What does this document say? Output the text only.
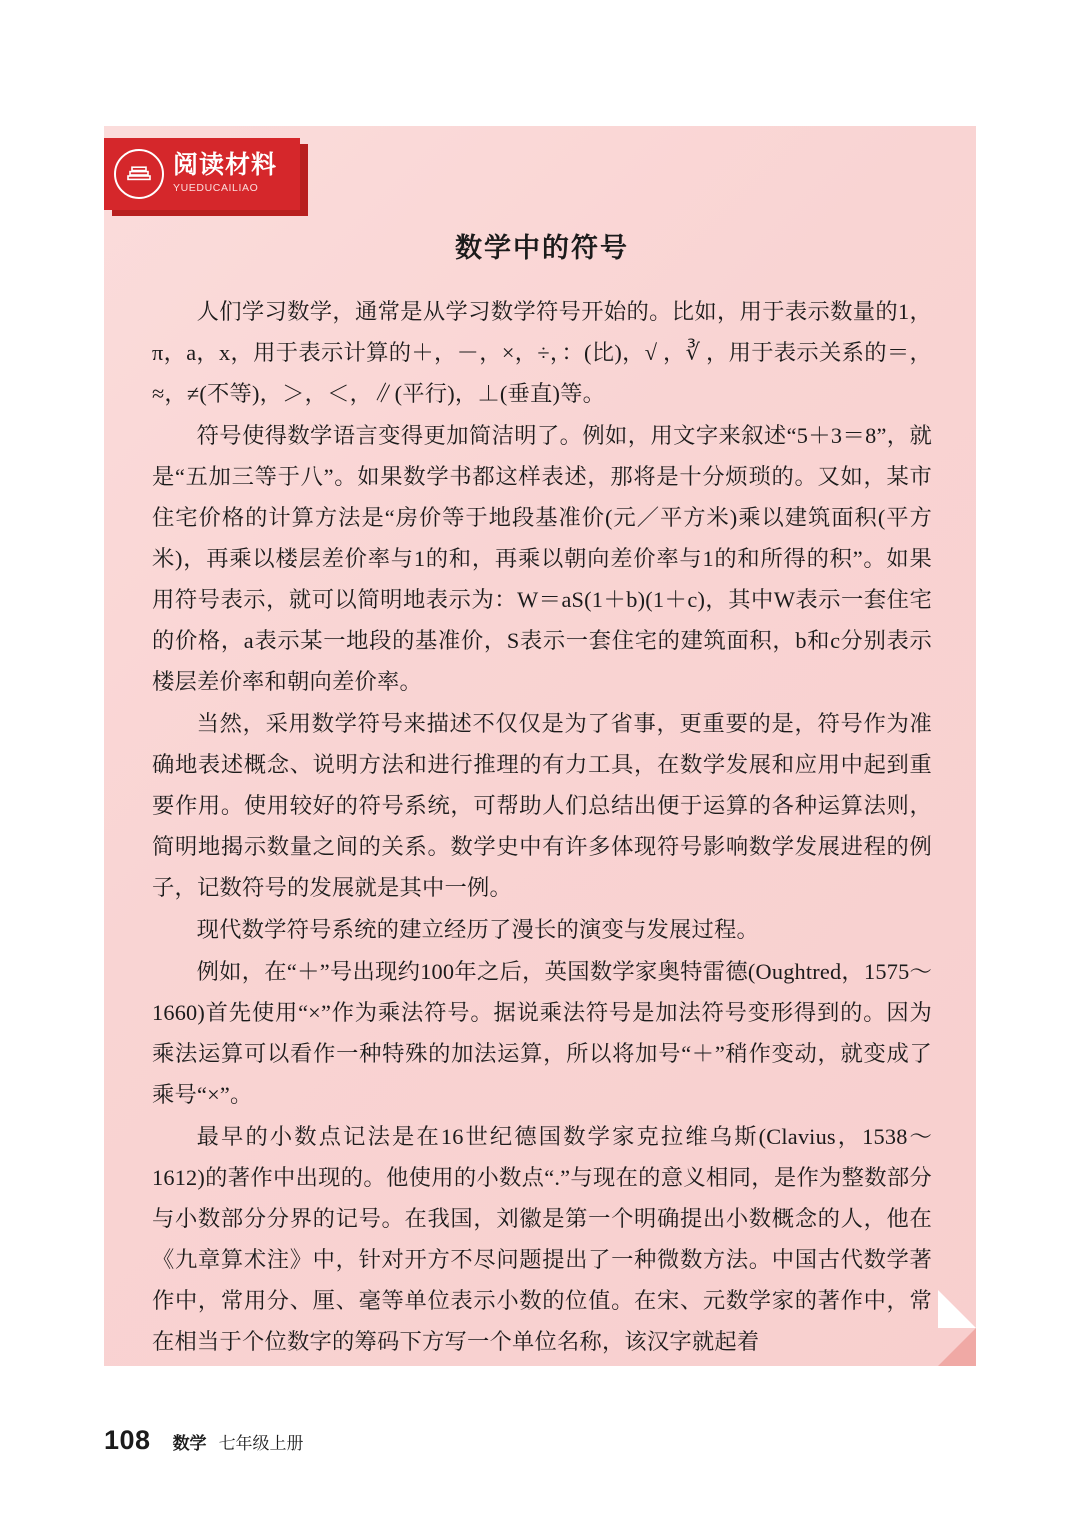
阅读材料
YUEDUCAILIAO
数学中的符号

人们学习数学，通常是从学习数学符号开始的。比如，用于表示数量的1，π，a，x，用于表示计算的＋，－，×，÷，：(比)，√ ，∛ ，用于表示关系的＝，≈，≠(不等)，＞，＜，∥(平行)，⊥(垂直)等。

符号使得数学语言变得更加简洁明了。例如，用文字来叙述“5＋3＝8”，就是“五加三等于八”。如果数学书都这样表述，那将是十分烦琐的。又如，某市住宅价格的计算方法是“房价等于地段基准价(元／平方米)乘以建筑面积(平方米)，再乘以楼层差价率与1的和，再乘以朝向差价率与1的和所得的积”。如果用符号表示，就可以简明地表示为：W＝aS(1＋b)(1＋c)，其中W表示一套住宅的价格，a表示某一地段的基准价，S表示一套住宅的建筑面积，b和c分别表示楼层差价率和朝向差价率。

当然，采用数学符号来描述不仅仅是为了省事，更重要的是，符号作为准确地表述概念、说明方法和进行推理的有力工具，在数学发展和应用中起到重要作用。使用较好的符号系统，可帮助人们总结出便于运算的各种运算法则，简明地揭示数量之间的关系。数学史中有许多体现符号影响数学发展进程的例子，记数符号的发展就是其中一例。

现代数学符号系统的建立经历了漫长的演变与发展过程。

例如，在“＋”号出现约100年之后，英国数学家奥特雷德(Oughtred，1575～1660)首先使用“×”作为乘法符号。据说乘法符号是加法符号变形得到的。因为乘法运算可以看作一种特殊的加法运算，所以将加号“＋”稍作变动，就变成了乘号“×”。

最早的小数点记法是在16世纪德国数学家克拉维乌斯(Clavius，1538～1612)的著作中出现的。他使用的小数点“.”与现在的意义相同，是作为整数部分与小数部分分界的记号。在我国，刘徽是第一个明确提出小数概念的人，他在《九章算术注》中，针对开方不尽问题提出了一种微数方法。中国古代数学著作中，常用分、厘、毫等单位表示小数的位值。在宋、元数学家的著作中，常在相当于个位数字的筹码下方写一个单位名称，该汉字就起着

108 数学 七年级上册
